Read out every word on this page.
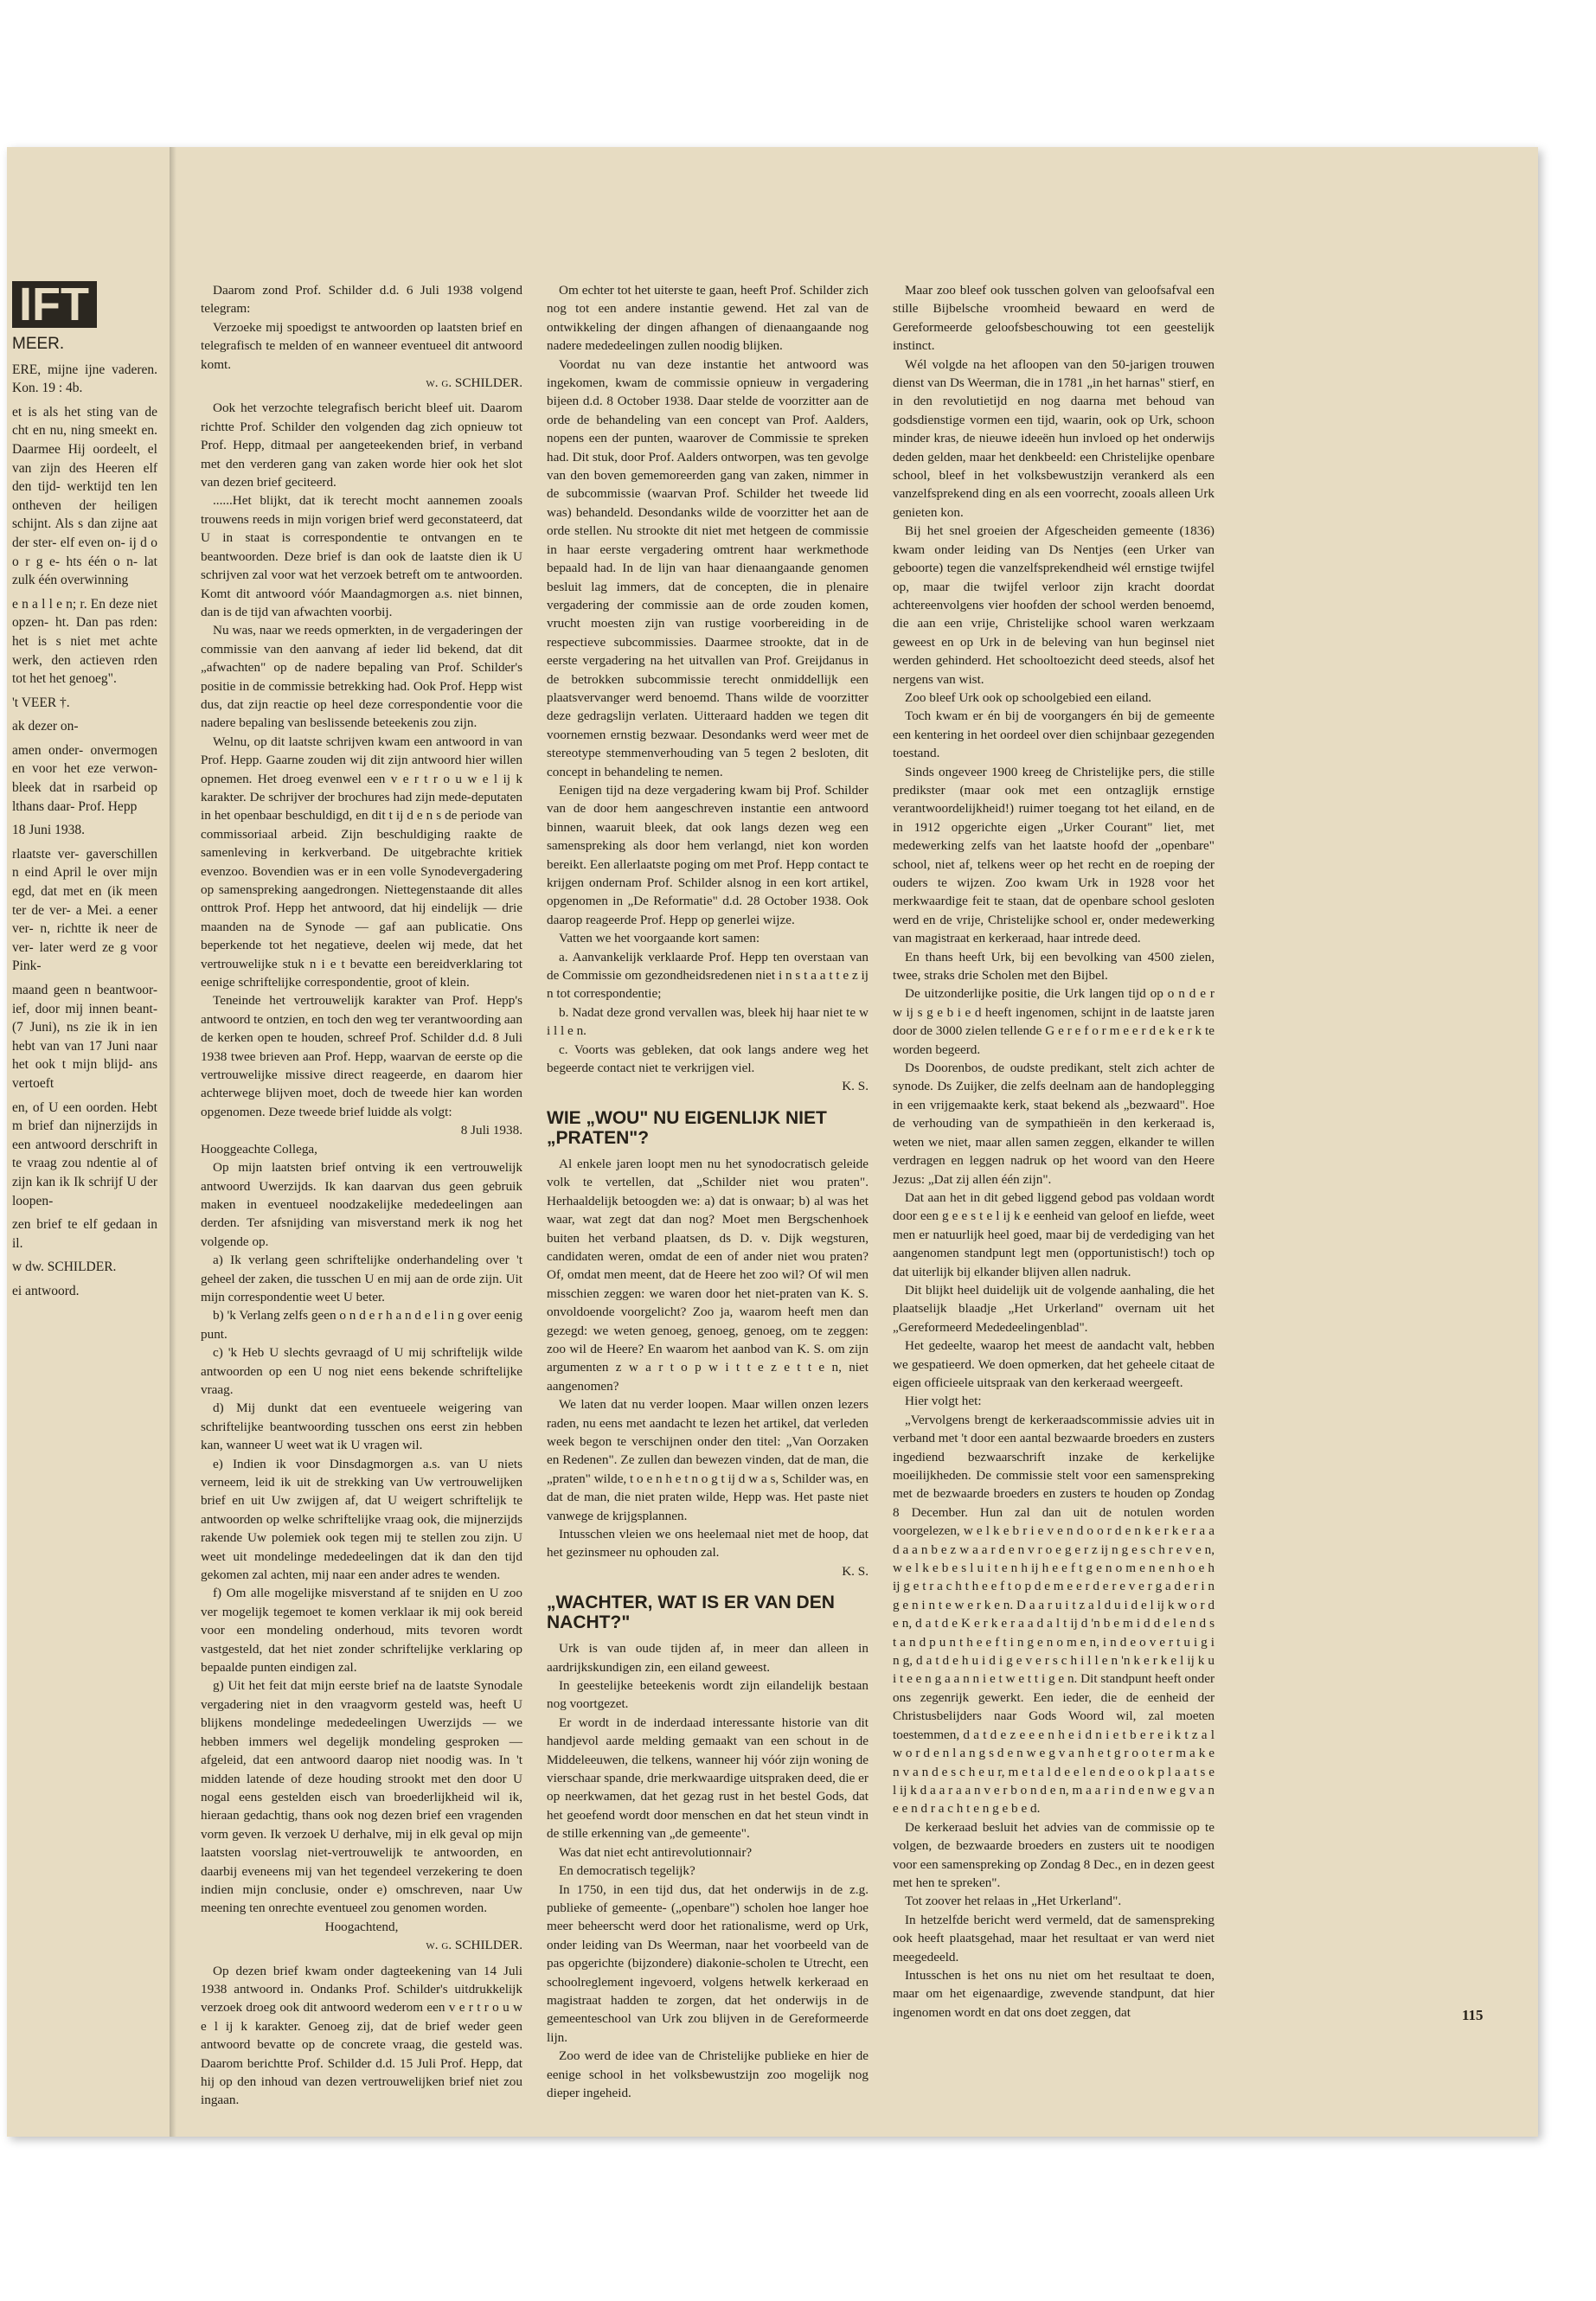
IFT
MEER.

ERE, mijne ijne vaderen. Kon. 19 : 4b.

et is als het sting van de cht en nu, ning smeekt en. Daarmee Hij oordeelt, el van zijn des Heeren elf den tijd- werktijd ten len ontheven der heiligen schijnt. Als s dan zijne aat der ster- elf even on- ij d o o r g e- hts één o n- lat zulk één overwinning

e n a l l e n; r. En deze niet opzen- ht. Dan pas rden: het is s niet met achte werk, den actieven rden tot het het genoeg".

't VEER †.

ak dezer on-

amen onder- onvermogen en voor het eze verwon- bleek dat in rsarbeid op lthans daar- Prof. Hepp

18 Juni 1938.

rlaatste ver- gaverschillen n eind April le over mijn egd, dat met en (ik meen ter de ver- a Mei. a eener ver- n, richtte ik neer de ver- later werd ze g voor Pink-

maand geen n beantwoor- ief, door mij innen beant- (7 Juni), ns zie ik in ien hebt van van 17 Juni naar het ook t mijn blijd- ans vertoeft

en, of U een oorden. Hebt m brief dan nijnerzijds in een antwoord derschrift in te vraag zou ndentie al of zijn kan ik Ik schrijf U der loopen-

zen brief te elf gedaan in il.

w dw. SCHILDER.

ei antwoord.

Daarom zond Prof. Schilder d.d. 6 Juli 1938 volgend telegram:

Verzoeke mij spoedigst te antwoorden op laatsten brief en telegrafisch te melden of en wanneer eventueel dit antwoord komt.

w. g. SCHILDER.

Ook het verzochte telegrafisch bericht bleef uit. Daarom richtte Prof. Schilder den volgenden dag zich opnieuw tot Prof. Hepp, ditmaal per aangeteekenden brief, in verband met den verderen gang van zaken worde hier ook het slot van dezen brief geciteerd.

......Het blijkt, dat ik terecht mocht aannemen zooals trouwens reeds in mijn vorigen brief werd geconstateerd, dat U in staat is correspondentie te ontvangen en te beantwoorden. Deze brief is dan ook de laatste dien ik U schrijven zal voor wat het verzoek betreft om te antwoorden. Komt dit antwoord vóór Maandagmorgen a.s. niet binnen, dan is de tijd van afwachten voorbij.

Nu was, naar we reeds opmerkten, in de vergaderingen der commissie van den aanvang af ieder lid bekend, dat dit „afwachten" op de nadere bepaling van Prof. Schilder's positie in de commissie betrekking had. Ook Prof. Hepp wist dus, dat zijn reactie op heel deze correspondentie voor die nadere bepaling van beslissende beteekenis zou zijn.

Welnu, op dit laatste schrijven kwam een antwoord in van Prof. Hepp. Gaarne zouden wij dit zijn antwoord hier willen opnemen. Het droeg evenwel een v e r t r o u w e l ij k karakter. De schrijver der brochures had zijn mede-deputaten in het openbaar beschuldigd, en dit t ij d e n s de periode van commissoriaal arbeid. Zijn beschuldiging raakte de samenleving in kerkverband. De uitgebrachte kritiek evenzoo. Bovendien was er in een volle Synodevergadering op samenspreking aangedrongen. Niettegenstaande dit alles onttrok Prof. Hepp het antwoord, dat hij eindelijk — drie maanden na de Synode — gaf aan publicatie. Ons beperkende tot het negatieve, deelen wij mede, dat het vertrouwelijke stuk n i e t bevatte een bereidverklaring tot eenige schriftelijke correspondentie, groot of klein.

Teneinde het vertrouwelijk karakter van Prof. Hepp's antwoord te ontzien, en toch den weg ter verantwoording aan de kerken open te houden, schreef Prof. Schilder d.d. 8 Juli 1938 twee brieven aan Prof. Hepp, waarvan de eerste op die vertrouwelijke missive direct reageerde, en daarom hier achterwege blijven moet, doch de tweede hier kan worden opgenomen. Deze tweede brief luidde als volgt:

8 Juli 1938.

Hooggeachte Collega,

Op mijn laatsten brief ontving ik een vertrouwelijk antwoord Uwerzijds. Ik kan daarvan dus geen gebruik maken in eventueel noodzakelijke mededeelingen aan derden. Ter afsnijding van misverstand merk ik nog het volgende op.

a) Ik verlang geen schriftelijke onderhandeling over 't geheel der zaken, die tusschen U en mij aan de orde zijn. Uit mijn correspondentie weet U beter.

b) 'k Verlang zelfs geen o n d e r h a n d e l i n g over eenig punt.

c) 'k Heb U slechts gevraagd of U mij schriftelijk wilde antwoorden op een U nog niet eens bekende schriftelijke vraag.

d) Mij dunkt dat een eventueele weigering van schriftelijke beantwoording tusschen ons eerst zin hebben kan, wanneer U weet wat ik U vragen wil.

e) Indien ik voor Dinsdagmorgen a.s. van U niets verneem, leid ik uit de strekking van Uw vertrouwelijken brief en uit Uw zwijgen af, dat U weigert schriftelijk te antwoorden op welke schriftelijke vraag ook, die mijnerzijds rakende Uw polemiek ook tegen mij te stellen zou zijn. U weet uit mondelinge mededeelingen dat ik dan den tijd gekomen zal achten, mij naar een ander adres te wenden.

f) Om alle mogelijke misverstand af te snijden en U zoo ver mogelijk tegemoet te komen verklaar ik mij ook bereid voor een mondeling onderhoud, mits tevoren wordt vastgesteld, dat het niet zonder schriftelijke verklaring op bepaalde punten eindigen zal.

g) Uit het feit dat mijn eerste brief na de laatste Synodale vergadering niet in den vraagvorm gesteld was, heeft U blijkens mondelinge mededeelingen Uwerzijds — we hebben immers wel degelijk mondeling gesproken — afgeleid, dat een antwoord daarop niet noodig was. In 't midden latende of deze houding strookt met den door U nogal eens gestelden eisch van broederlijkheid wil ik, hieraan gedachtig, thans ook nog dezen brief een vragenden vorm geven. Ik verzoek U derhalve, mij in elk geval op mijn laatsten voorslag niet-vertrouwelijk te antwoorden, en daarbij eveneens mij van het tegendeel verzekering te doen indien mijn conclusie, onder e) omschreven, naar Uw meening ten onrechte eventueel zou genomen worden.

Hoogachtend,

w. g. SCHILDER.

Op dezen brief kwam onder dagteekening van 14 Juli 1938 antwoord in. Ondanks Prof. Schilder's uitdrukkelijk verzoek droeg ook dit antwoord wederom een v e r t r o u w e l ij k karakter. Genoeg zij, dat de brief weder geen antwoord bevatte op de concrete vraag, die gesteld was. Daarom berichtte Prof. Schilder d.d. 15 Juli Prof. Hepp, dat hij op den inhoud van dezen vertrouwelijken brief niet zou ingaan.

Om echter tot het uiterste te gaan, heeft Prof. Schilder zich nog tot een andere instantie gewend. Het zal van de ontwikkeling der dingen afhangen of dienaangaande nog nadere mededeelingen zullen noodig blijken.

Voordat nu van deze instantie het antwoord was ingekomen, kwam de commissie opnieuw in vergadering bijeen d.d. 8 October 1938. Daar stelde de voorzitter aan de orde de behandeling van een concept van Prof. Aalders, nopens een der punten, waarover de Commissie te spreken had. Dit stuk, door Prof. Aalders ontworpen, was ten gevolge van den boven gememoreerden gang van zaken, nimmer in de subcommissie (waarvan Prof. Schilder het tweede lid was) behandeld. Desondanks wilde de voorzitter het aan de orde stellen. Nu strookte dit niet met hetgeen de commissie in haar eerste vergadering omtrent haar werkmethode bepaald had. In de lijn van haar dienaangaande genomen besluit lag immers, dat de concepten, die in plenaire vergadering der commissie aan de orde zouden komen, vrucht moesten zijn van rustige voorbereiding in de respectieve subcommissies. Daarmee strookte, dat in de eerste vergadering na het uitvallen van Prof. Greijdanus in de betrokken subcommissie terecht onmiddellijk een plaatsvervanger werd benoemd. Thans wilde de voorzitter deze gedragslijn verlaten. Uitteraard hadden we tegen dit voornemen ernstig bezwaar. Desondanks werd weer met de stereotype stemmenverhouding van 5 tegen 2 besloten, dit concept in behandeling te nemen.

Eenigen tijd na deze vergadering kwam bij Prof. Schilder van de door hem aangeschreven instantie een antwoord binnen, waaruit bleek, dat ook langs dezen weg een samenspreking als door hem verlangd, niet kon worden bereikt. Een allerlaatste poging om met Prof. Hepp contact te krijgen ondernam Prof. Schilder alsnog in een kort artikel, opgenomen in „De Reformatie" d.d. 28 October 1938. Ook daarop reageerde Prof. Hepp op generlei wijze.

Vatten we het voorgaande kort samen:

a. Aanvankelijk verklaarde Prof. Hepp ten overstaan van de Commissie om gezondheidsredenen niet i n s t a a t t e z ij n tot correspondentie;

b. Nadat deze grond vervallen was, bleek hij haar niet te w i l l e n.

c. Voorts was gebleken, dat ook langs andere weg het begeerde contact niet te verkrijgen viel.

K. S.

WIE „WOU" NU EIGENLIJK NIET „PRATEN"?

Al enkele jaren loopt men nu het synodocratisch geleide volk te vertellen, dat „Schilder niet wou praten". Herhaaldelijk betoogden we: a) dat is onwaar; b) al was het waar, wat zegt dat dan nog? Moet men Bergschenhoek buiten het verband plaatsen, ds D. v. Dijk wegsturen, candidaten weren, omdat de een of ander niet wou praten? Of, omdat men meent, dat de Heere het zoo wil? Of wil men misschien zeggen: we waren door het niet-praten van K. S. onvoldoende voorgelicht? Zoo ja, waarom heeft men dan gezegd: we weten genoeg, genoeg, genoeg, om te zeggen: zoo wil de Heere? En waarom het aanbod van K. S. om zijn argumenten z w a r t o p w i t t e z e t t e n, niet aangenomen?

We laten dat nu verder loopen. Maar willen onzen lezers raden, nu eens met aandacht te lezen het artikel, dat verleden week begon te verschijnen onder den titel: „Van Oorzaken en Redenen". Ze zullen dan bewezen vinden, dat de man, die „praten" wilde, t o e n h e t n o g t ij d w a s, Schilder was, en dat de man, die niet praten wilde, Hepp was. Het paste niet vanwege de krijgsplannen.

Intusschen vleien we ons heelemaal niet met de hoop, dat het gezinsmeer nu ophouden zal.

K. S.

„WACHTER, WAT IS ER VAN DEN NACHT?"

Urk is van oude tijden af, in meer dan alleen in aardrijkskundigen zin, een eiland geweest.

In geestelijke beteekenis wordt zijn eilandelijk bestaan nog voortgezet.

Er wordt in de inderdaad interessante historie van dit handjevol aarde melding gemaakt van een schout in de Middeleeuwen, die telkens, wanneer hij vóór zijn woning de vierschaar spande, drie merkwaardige uitspraken deed, die er op neerkwamen, dat het gezag rust in het bestel Gods, dat het geoefend wordt door menschen en dat het steun vindt in de stille erkenning van „de gemeente".

Was dat niet echt antirevolutionnair?

En democratisch tegelijk?

In 1750, in een tijd dus, dat het onderwijs in de z.g. publieke of gemeente- („openbare") scholen hoe langer hoe meer beheerscht werd door het rationalisme, werd op Urk, onder leiding van Ds Weerman, naar het voorbeeld van de pas opgerichte (bijzondere) diakonie-scholen te Utrecht, een schoolreglement ingevoerd, volgens hetwelk kerkeraad en magistraat hadden te zorgen, dat het onderwijs in de gemeenteschool van Urk zou blijven in de Gereformeerde lijn.

Zoo werd de idee van de Christelijke publieke en hier de eenige school in het volksbewustzijn zoo mogelijk nog dieper ingeheid.

Maar zoo bleef ook tusschen golven van geloofsafval een stille Bijbelsche vroomheid bewaard en werd de Gereformeerde geloofsbeschouwing tot een geestelijk instinct.

Wél volgde na het afloopen van den 50-jarigen trouwen dienst van Ds Weerman, die in 1781 „in het harnas" stierf, en in den revolutietijd en nog daarna met behoud van godsdienstige vormen een tijd, waarin, ook op Urk, schoon minder kras, de nieuwe ideeën hun invloed op het onderwijs deden gelden, maar het denkbeeld: een Christelijke openbare school, bleef in het volksbewustzijn verankerd als een vanzelfsprekend ding en als een voorrecht, zooals alleen Urk genieten kon.

Bij het snel groeien der Afgescheiden gemeente (1836) kwam onder leiding van Ds Nentjes (een Urker van geboorte) tegen die vanzelfsprekendheid wél ernstige twijfel op, maar die twijfel verloor zijn kracht doordat achtereenvolgens vier hoofden der school werden benoemd, die aan een vrije, Christelijke school waren werkzaam geweest en op Urk in de beleving van hun beginsel niet werden gehinderd. Het schooltoezicht deed steeds, alsof het nergens van wist.

Zoo bleef Urk ook op schoolgebied een eiland.

Toch kwam er én bij de voorgangers én bij de gemeente een kentering in het oordeel over dien schijnbaar gezegenden toestand.

Sinds ongeveer 1900 kreeg de Christelijke pers, die stille predikster (maar ook met een ontzaglijk ernstige verantwoordelijkheid!) ruimer toegang tot het eiland, en de in 1912 opgerichte eigen „Urker Courant" liet, met medewerking zelfs van het laatste hoofd der „openbare" school, niet af, telkens weer op het recht en de roeping der ouders te wijzen. Zoo kwam Urk in 1928 voor het merkwaardige feit te staan, dat de openbare school gesloten werd en de vrije, Christelijke school er, onder medewerking van magistraat en kerkeraad, haar intrede deed.

En thans heeft Urk, bij een bevolking van 4500 zielen, twee, straks drie Scholen met den Bijbel.

De uitzonderlijke positie, die Urk langen tijd op o n d e r w ij s g e b i e d heeft ingenomen, schijnt in de laatste jaren door de 3000 zielen tellende G e r e f o r m e e r d e k e r k te worden begeerd.

Ds Doorenbos, de oudste predikant, stelt zich achter de synode. Ds Zuijker, die zelfs deelnam aan de handoplegging in een vrijgemaakte kerk, staat bekend als „bezwaard". Hoe de verhouding van de sympathieën in den kerkeraad is, weten we niet, maar allen samen zeggen, elkander te willen verdragen en leggen nadruk op het woord van den Heere Jezus: „Dat zij allen één zijn".

Dat aan het in dit gebed liggend gebod pas voldaan wordt door een g e e s t e l ij k e eenheid van geloof en liefde, weet men er natuurlijk heel goed, maar bij de verdediging van het aangenomen standpunt legt men (opportunistisch!) toch op dat uiterlijk bij elkander blijven allen nadruk.

Dit blijkt heel duidelijk uit de volgende aanhaling, die het plaatselijk blaadje „Het Urkerland" overnam uit het „Gereformeerd Mededeelingenblad".

Het gedeelte, waarop het meest de aandacht valt, hebben we gespatieerd. We doen opmerken, dat het geheele citaat de eigen officieele uitspraak van den kerkeraad weergeeft.

Hier volgt het:

„Vervolgens brengt de kerkeraadscommissie advies uit in verband met 't door een aantal bezwaarde broeders en zusters ingediend bezwaarschrift inzake de kerkelijke moeilijkheden. De commissie stelt voor een samenspreking met de bezwaarde broeders en zusters te houden op Zondag 8 December. Hun zal dan uit de notulen worden voorgelezen, w e l k e b r i e v e n d o o r d e n k e r k e r a a d a a n b e z w a a r d e n v r o e g e r z ij n g e s c h r e v e n, w e l k e b e s l u i t e n h ij h e e f t g e n o m e n e n h o e h ij g e t r a c h t h e e f t o p d e m e e r d e r e v e r g a d e r i n g e n i n t e w e r k e n. D a a r u i t z a l d u i d e l ij k w o r d e n, d a t d e K e r k e r a a d a l t ij d 'n b e m i d d e l e n d s t a n d p u n t h e e f t i n g e n o m e n, i n d e o v e r t u i g i n g, d a t d e h u i d i g e v e r s c h i l l e n 'n k e r k e l ij k u i t e e n g a a n n i e t w e t t i g e n. Dit standpunt heeft onder ons zegenrijk gewerkt. Een ieder, die de eenheid der Christusbelijders naar Gods Woord wil, zal moeten toestemmen, d a t d e z e e e n h e i d n i e t b e r e i k t z a l w o r d e n l a n g s d e n w e g v a n h e t g r o o t e r m a k e n v a n d e s c h e u r, m e t a l d e e l e n d e o o k p l a a t s e l ij k d a a r a a n v e r b o n d e n, m a a r i n d e n w e g v a n e e n d r a c h t e n g e b e d.

De kerkeraad besluit het advies van de commissie op te volgen, de bezwaarde broeders en zusters uit te noodigen voor een samenspreking op Zondag 8 Dec., en in dezen geest met hen te spreken".

Tot zoover het relaas in „Het Urkerland".

In hetzelfde bericht werd vermeld, dat de samenspreking ook heeft plaatsgehad, maar het resultaat er van werd niet meegedeeld.

Intusschen is het ons nu niet om het resultaat te doen, maar om het eigenaardige, zwevende standpunt, dat hier ingenomen wordt en dat ons doet zeggen, dat	115
